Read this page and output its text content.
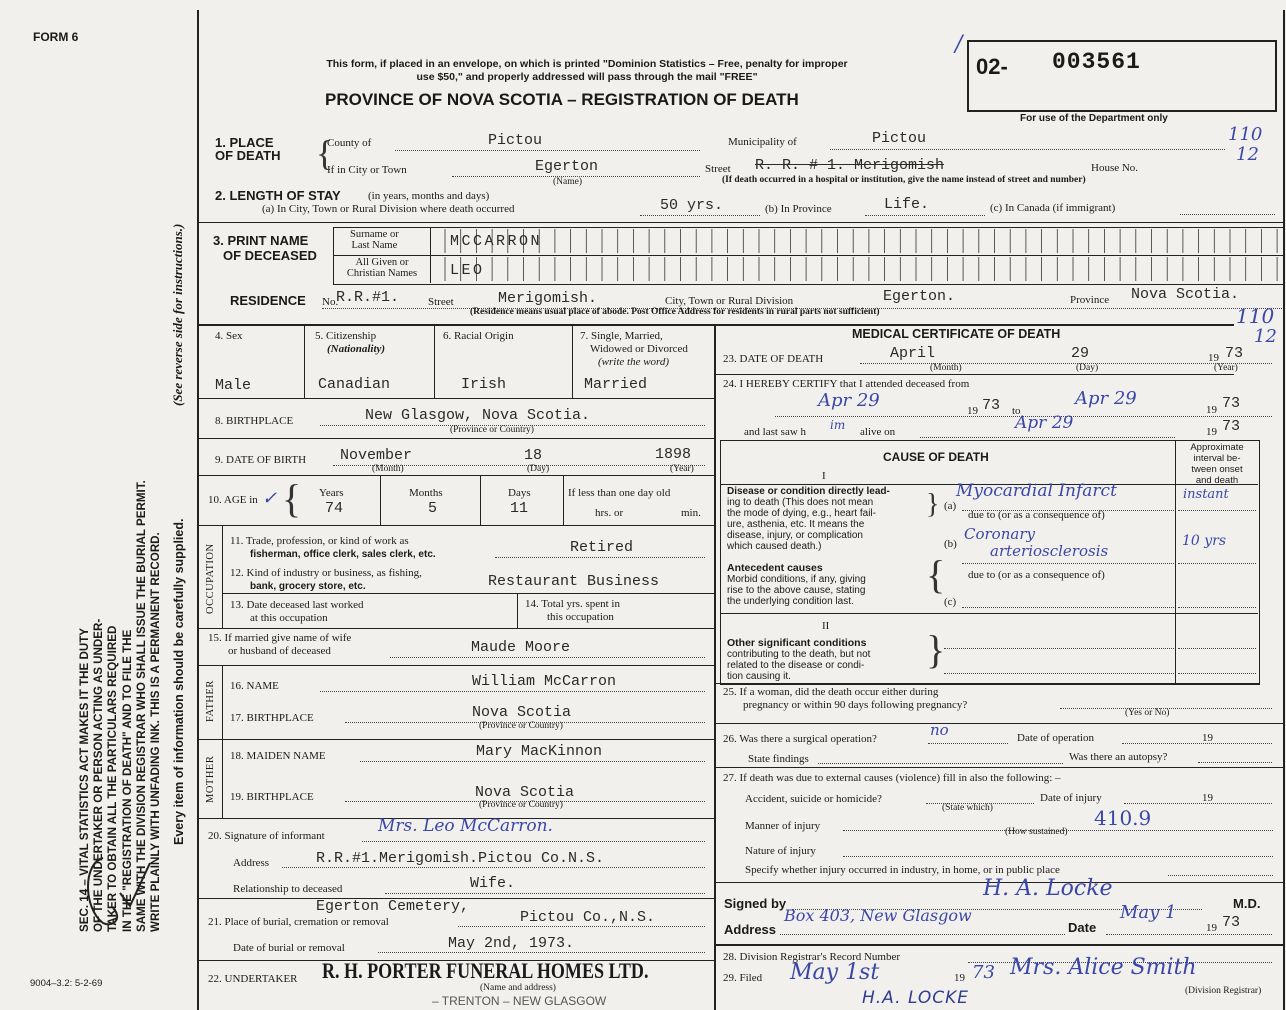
FORM 6
SEC. 14 – VITAL STATISTICS ACT MAKES IT THE DUTY OF THE UNDERTAKER OR PERSON ACTING AS UNDER- TAKER TO OBTAIN ALL THE PARTICULARS REQUIRED IN THE "REGISTRATION OF DEATH" AND TO FILE THE SAME WITH THE DIVISION REGISTRAR WHO SHALL ISSUE THE BURIAL PERMIT. WRITE PLAINLY WITH UNFADING INK. THIS IS A PERMANENT RECORD.
(See reverse side for instructions.)
Every item of information should be carefully supplied.
9004–3.2: 5-2-69
This form, if placed in an envelope, on which is printed "Dominion Statistics – Free, penalty for improper
use $50," and properly addressed will pass through the mail "FREE"
PROVINCE OF NOVA SCOTIA – REGISTRATION OF DEATH
/
02- 003561
For use of the Department only
1. PLACE OF DEATH
County of	Pictou	Municipality of	Pictou	110
If in City or Town	Egerton
(Name)
Street R. R. # 1. Merigomish	House No.
12
(If death occurred in a hospital or institution, give the name instead of street and number)
{
2. LENGTH OF STAY (in years, months and days)
(a) In City, Town or Rural Division where death occurred	50 yrs.	(b) In Province	Life.	(c) In Canada (if immigrant)
3. PRINT NAME
OF DECEASED
Surname or
Last Name
All Given or
Christian Names
MCCARRON
LEO
RESIDENCE No.
R.R.#1.	Street	Merigomish.	City, Town or Rural Division	Egerton.	Province Nova Scotia.
(Residence means usual place of abode. Post Office Address for residents in rural parts not sufficient)	110
12
4. Sex
Male
5. Citizenship
(Nationality)
Canadian
6. Racial Origin
Irish
7. Single, Married,
Widowed or Divorced
(write the word)
Married
8. BIRTHPLACE	New Glasgow, Nova Scotia.
(Province or Country)
9. DATE OF BIRTH November	18	1898
(Month)	(Day)	(Year)
10. AGE in ✓ { Years
74
Months
5
Days
11
If less than one day old
hrs. or	min.
OCCUPATION
11. Trade, profession, or kind of work as
fisherman, office clerk, sales clerk, etc.	Retired
12. Kind of industry or business, as fishing,
bank, grocery store, etc.	Restaurant Business
13. Date deceased last worked
at this occupation
14. Total yrs. spent in
this occupation
15. If married give name of wife
or husband of deceased	Maude Moore
FATHER 16. NAME	William McCarron
17. BIRTHPLACE	Nova Scotia
(Province or Country)
MOTHER 18. MAIDEN NAME	Mary MacKinnon
19. BIRTHPLACE	Nova Scotia
(Province or Country)
20. Signature of informant	Mrs. Leo McCarron.
Address	R.R.#1.Merigomish.Pictou Co.N.S.
Relationship to deceased	Wife.
Egerton Cemetery,
21. Place of burial, cremation or removal	Pictou Co.,N.S.
Date of burial or removal	May 2nd, 1973.
22. UNDERTAKER R. H. PORTER FUNERAL HOMES LTD.
(Name and address)
– TRENTON – NEW GLASGOW
MEDICAL CERTIFICATE OF DEATH
23. DATE OF DEATH	April	29	19 73
(Month)	(Day)	(Year)
24. I HEREBY CERTIFY that I attended deceased from
Apr 29	19 73 to
Apr 29
19 73
and last saw h im alive on	Apr 29	19 73
CAUSE OF DEATH
Approximate
interval be-
tween onset
and death
I
Disease or condition directly lead-
ing to death (This does not mean
the mode of dying, e.g., heart fail-
ure, asthenia, etc. It means the
disease, injury, or complication
which caused death.)
} (a)
Myocardial Infarct	instant
due to (or as a consequence of)
(b)
Coronary
arteriosclerosis
10 yrs
Antecedent causes
Morbid conditions, if any, giving
rise to the above cause, stating
the underlying condition last.
{ due to (or as a consequence of)
(c)
II
Other significant conditions
contributing to the death, but not
related to the disease or condi-
tion causing it.
}
25. If a woman, did the death occur either during
pregnancy or within 90 days following pregnancy?
(Yes or No)
26. Was there a surgical operation?	no	Date of operation	19
State findings	Was there an autopsy?
27. If death was due to external causes (violence) fill in also the following: –
Accident, suicide or homicide?
(State which)
Date of injury	19
Manner of injury	(How sustained)
410.9
Nature of injury
Specify whether injury occurred in industry, in home, or in public place
Signed by
H. A. Locke
M.D.
Address
Box 403, New Glasgow
Date
May 1
19 73
28. Division Registrar's Record Number
29. Filed May 1st	19 73 Mrs. Alice Smith
(Division Registrar)
H.A. LOCKE
